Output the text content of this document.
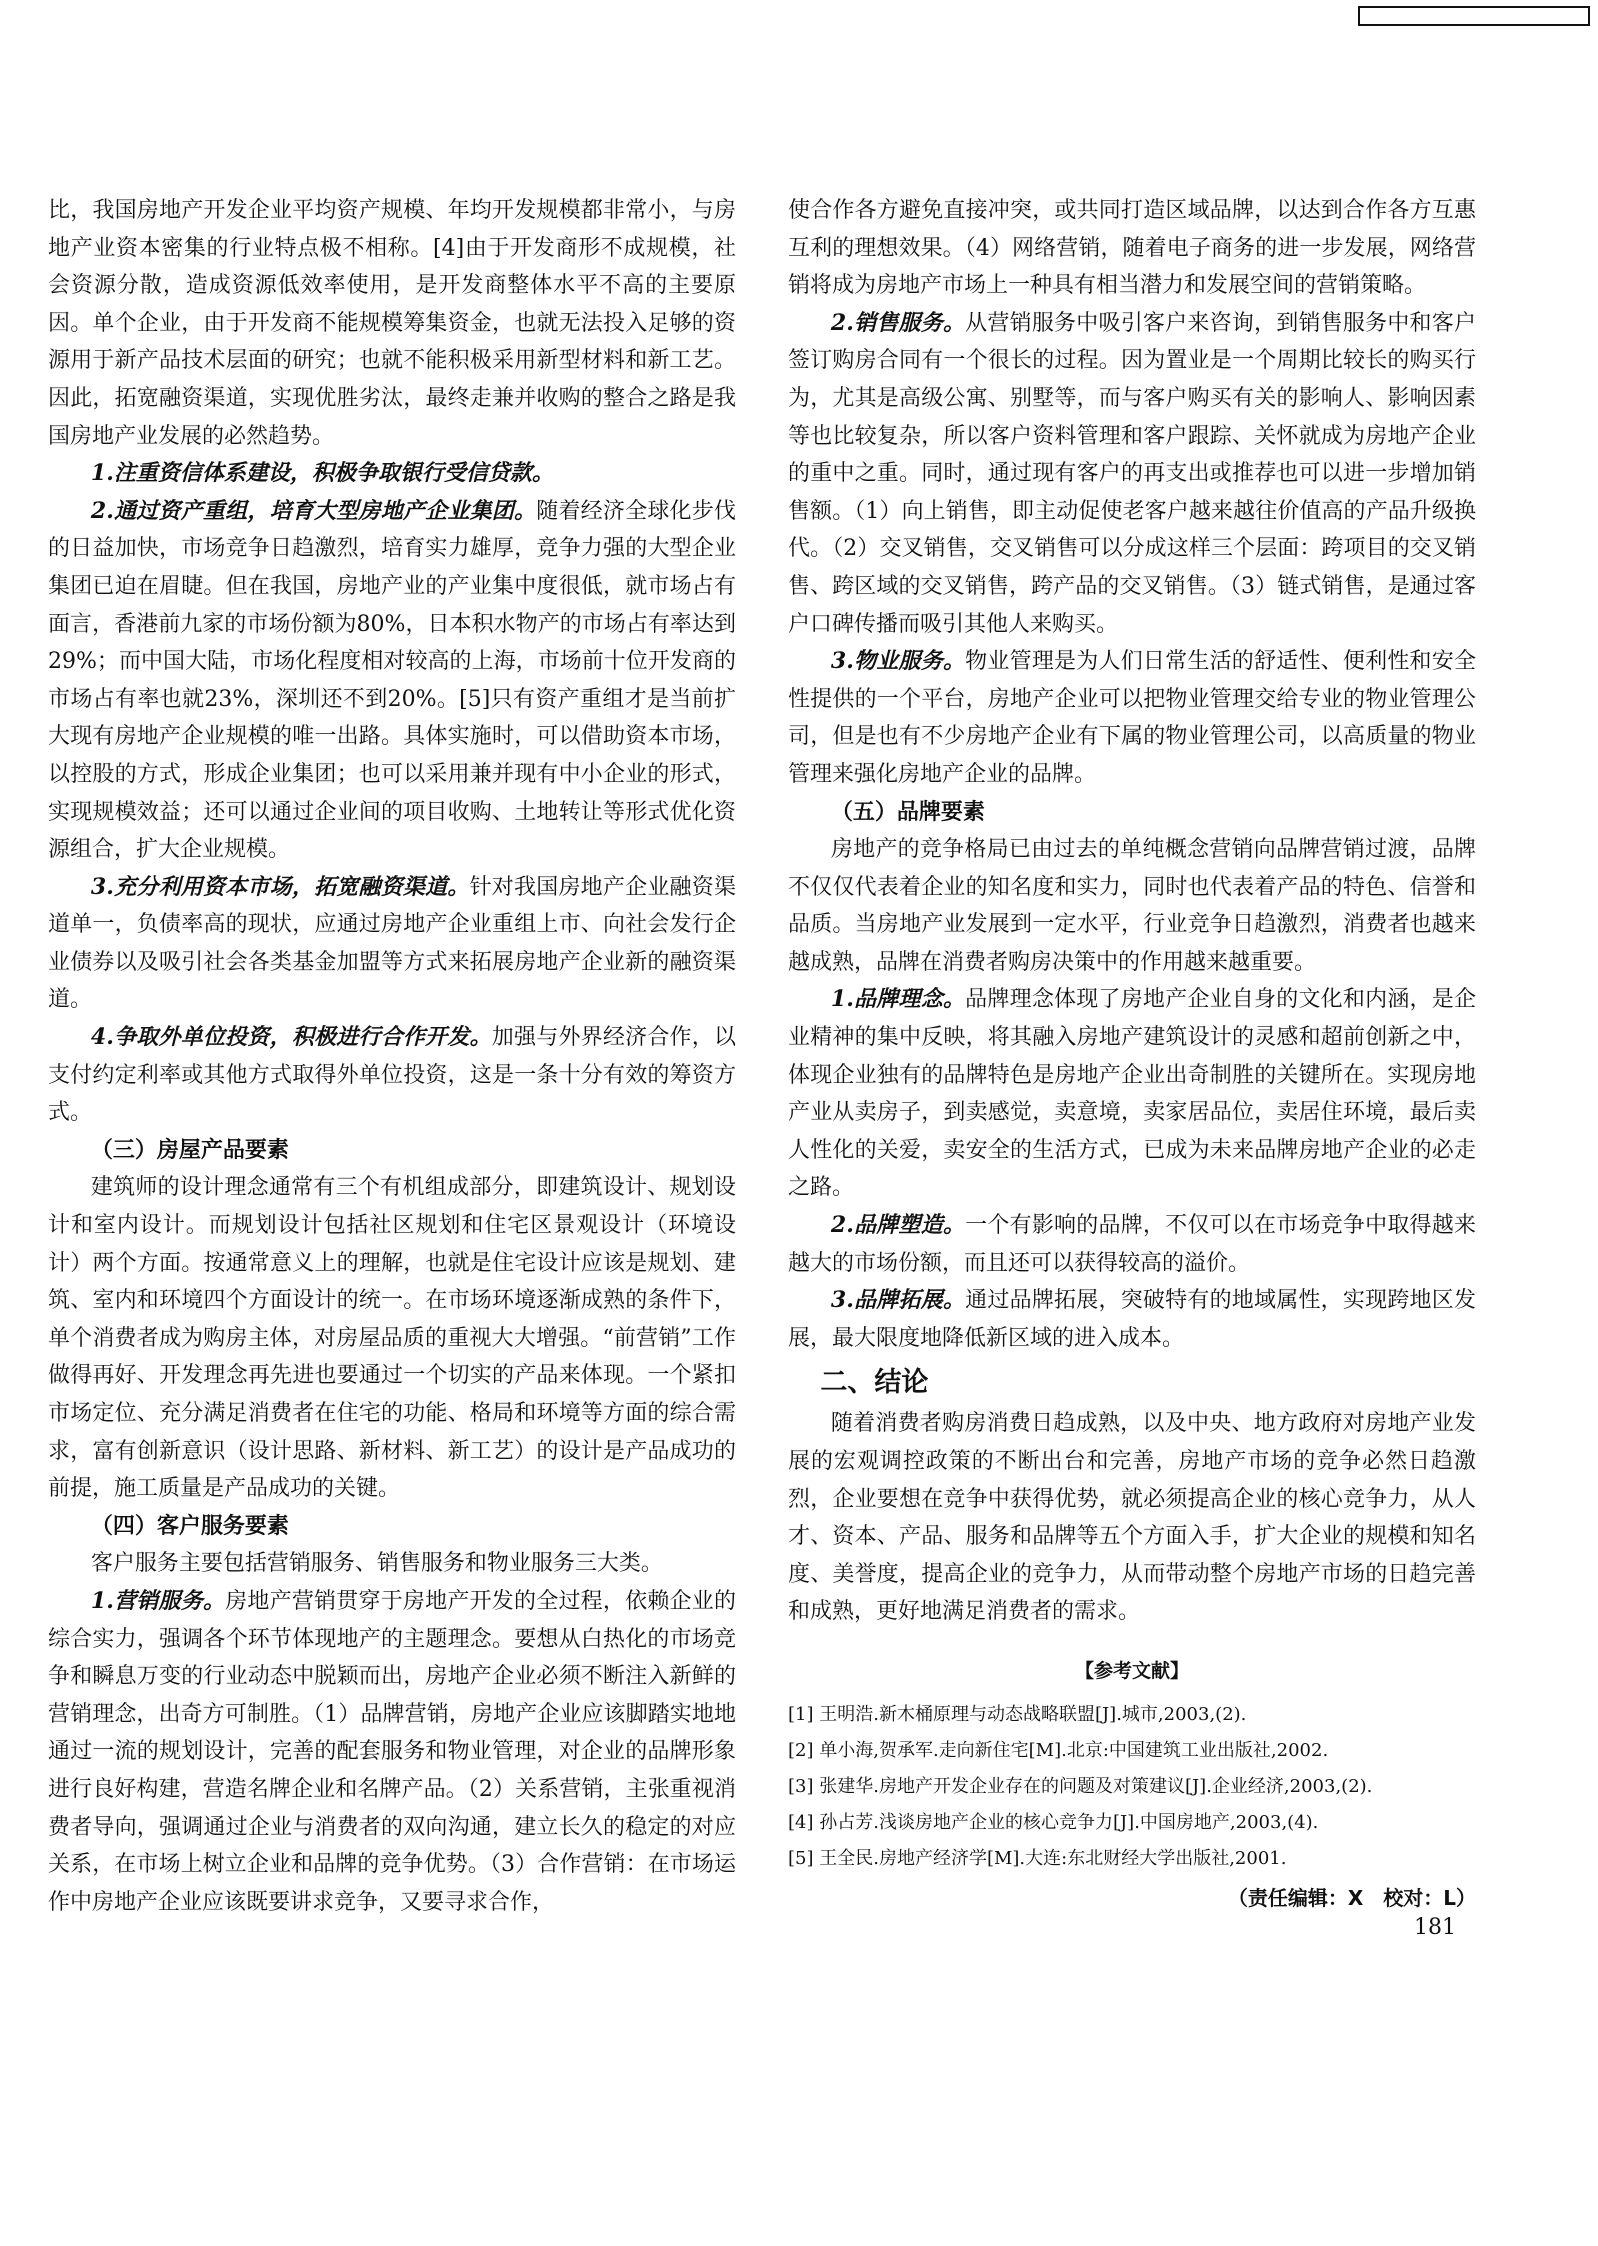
比，我国房地产开发企业平均资产规模、年均开发规模都非常小，与房地产业资本密集的行业特点极不相称。[4]由于开发商形不成规模，社会资源分散，造成资源低效率使用，是开发商整体水平不高的主要原因。单个企业，由于开发商不能规模筹集资金，也就无法投入足够的资源用于新产品技术层面的研究；也就不能积极采用新型材料和新工艺。因此，拓宽融资渠道，实现优胜劣汰，最终走兼并收购的整合之路是我国房地产业发展的必然趋势。

1.注重资信体系建设，积极争取银行受信贷款。

2.通过资产重组，培育大型房地产企业集团。随着经济全球化步伐的日益加快，市场竞争日趋激烈，培育实力雄厚，竞争力强的大型企业集团已迫在眉睫。但在我国，房地产业的产业集中度很低，就市场占有面言，香港前九家的市场份额为80%，日本积水物产的市场占有率达到29%；而中国大陆，市场化程度相对较高的上海，市场前十位开发商的市场占有率也就23%，深圳还不到20%。[5]只有资产重组才是当前扩大现有房地产企业规模的唯一出路。具体实施时，可以借助资本市场，以控股的方式，形成企业集团；也可以采用兼并现有中小企业的形式，实现规模效益；还可以通过企业间的项目收购、土地转让等形式优化资源组合，扩大企业规模。

3.充分利用资本市场，拓宽融资渠道。针对我国房地产企业融资渠道单一，负债率高的现状，应通过房地产企业重组上市、向社会发行企业债券以及吸引社会各类基金加盟等方式来拓展房地产企业新的融资渠道。

4.争取外单位投资，积极进行合作开发。加强与外界经济合作，以支付约定利率或其他方式取得外单位投资，这是一条十分有效的筹资方式。

（三）房屋产品要素

建筑师的设计理念通常有三个有机组成部分，即建筑设计、规划设计和室内设计。而规划设计包括社区规划和住宅区景观设计（环境设计）两个方面。按通常意义上的理解，也就是住宅设计应该是规划、建筑、室内和环境四个方面设计的统一。在市场环境逐渐成熟的条件下，单个消费者成为购房主体，对房屋品质的重视大大增强。“前营销”工作做得再好、开发理念再先进也要通过一个切实的产品来体现。一个紧扣市场定位、充分满足消费者在住宅的功能、格局和环境等方面的综合需求，富有创新意识（设计思路、新材料、新工艺）的设计是产品成功的前提，施工质量是产品成功的关键。

（四）客户服务要素

客户服务主要包括营销服务、销售服务和物业服务三大类。

1.营销服务。房地产营销贯穿于房地产开发的全过程，依赖企业的综合实力，强调各个环节体现地产的主题理念。要想从白热化的市场竞争和瞬息万变的行业动态中脱颖而出，房地产企业必须不断注入新鲜的营销理念，出奇方可制胜。（1）品牌营销，房地产企业应该脚踏实地地通过一流的规划设计，完善的配套服务和物业管理，对企业的品牌形象进行良好构建，营造名牌企业和名牌产品。（2）关系营销，主张重视消费者导向，强调通过企业与消费者的双向沟通，建立长久的稳定的对应关系，在市场上树立企业和品牌的竞争优势。（3）合作营销：在市场运作中房地产企业应该既要讲求竞争，又要寻求合作，

使合作各方避免直接冲突，或共同打造区域品牌，以达到合作各方互惠互利的理想效果。（4）网络营销，随着电子商务的进一步发展，网络营销将成为房地产市场上一种具有相当潜力和发展空间的营销策略。

2.销售服务。从营销服务中吸引客户来咨询，到销售服务中和客户签订购房合同有一个很长的过程。因为置业是一个周期比较长的购买行为，尤其是高级公寓、别墅等，而与客户购买有关的影响人、影响因素等也比较复杂，所以客户资料管理和客户跟踪、关怀就成为房地产企业的重中之重。同时，通过现有客户的再支出或推荐也可以进一步增加销售额。（1）向上销售，即主动促使老客户越来越往价值高的产品升级换代。（2）交叉销售，交叉销售可以分成这样三个层面：跨项目的交叉销售、跨区域的交叉销售，跨产品的交叉销售。（3）链式销售，是通过客户口碑传播而吸引其他人来购买。

3.物业服务。物业管理是为人们日常生活的舒适性、便利性和安全性提供的一个平台，房地产企业可以把物业管理交给专业的物业管理公司，但是也有不少房地产企业有下属的物业管理公司，以高质量的物业管理来强化房地产企业的品牌。

（五）品牌要素

房地产的竞争格局已由过去的单纯概念营销向品牌营销过渡，品牌不仅仅代表着企业的知名度和实力，同时也代表着产品的特色、信誉和品质。当房地产业发展到一定水平，行业竞争日趋激烈，消费者也越来越成熟，品牌在消费者购房决策中的作用越来越重要。

1.品牌理念。品牌理念体现了房地产企业自身的文化和内涵，是企业精神的集中反映，将其融入房地产建筑设计的灵感和超前创新之中，体现企业独有的品牌特色是房地产企业出奇制胜的关键所在。实现房地产业从卖房子，到卖感觉，卖意境，卖家居品位，卖居住环境，最后卖人性化的关爱，卖安全的生活方式，已成为未来品牌房地产企业的必走之路。

2.品牌塑造。一个有影响的品牌，不仅可以在市场竞争中取得越来越大的市场份额，而且还可以获得较高的溢价。

3.品牌拓展。通过品牌拓展，突破特有的地域属性，实现跨地区发展，最大限度地降低新区域的进入成本。

二、结论

随着消费者购房消费日趋成熟，以及中央、地方政府对房地产业发展的宏观调控政策的不断出台和完善，房地产市场的竞争必然日趋激烈，企业要想在竞争中获得优势，就必须提高企业的核心竞争力，从人才、资本、产品、服务和品牌等五个方面入手，扩大企业的规模和知名度、美誉度，提高企业的竞争力，从而带动整个房地产市场的日趋完善和成熟，更好地满足消费者的需求。

【参考文献】
[1] 王明浩.新木桶原理与动态战略联盟[J].城市,2003,(2).
[2] 单小海,贺承军.走向新住宅[M].北京:中国建筑工业出版社,2002.
[3] 张建华.房地产开发企业存在的问题及对策建议[J].企业经济,2003,(2).
[4] 孙占芳.浅谈房地产企业的核心竞争力[J].中国房地产,2003,(4).
[5] 王全民.房地产经济学[M].大连:东北财经大学出版社,2001.
（责任编辑：X　校对：L）
181
